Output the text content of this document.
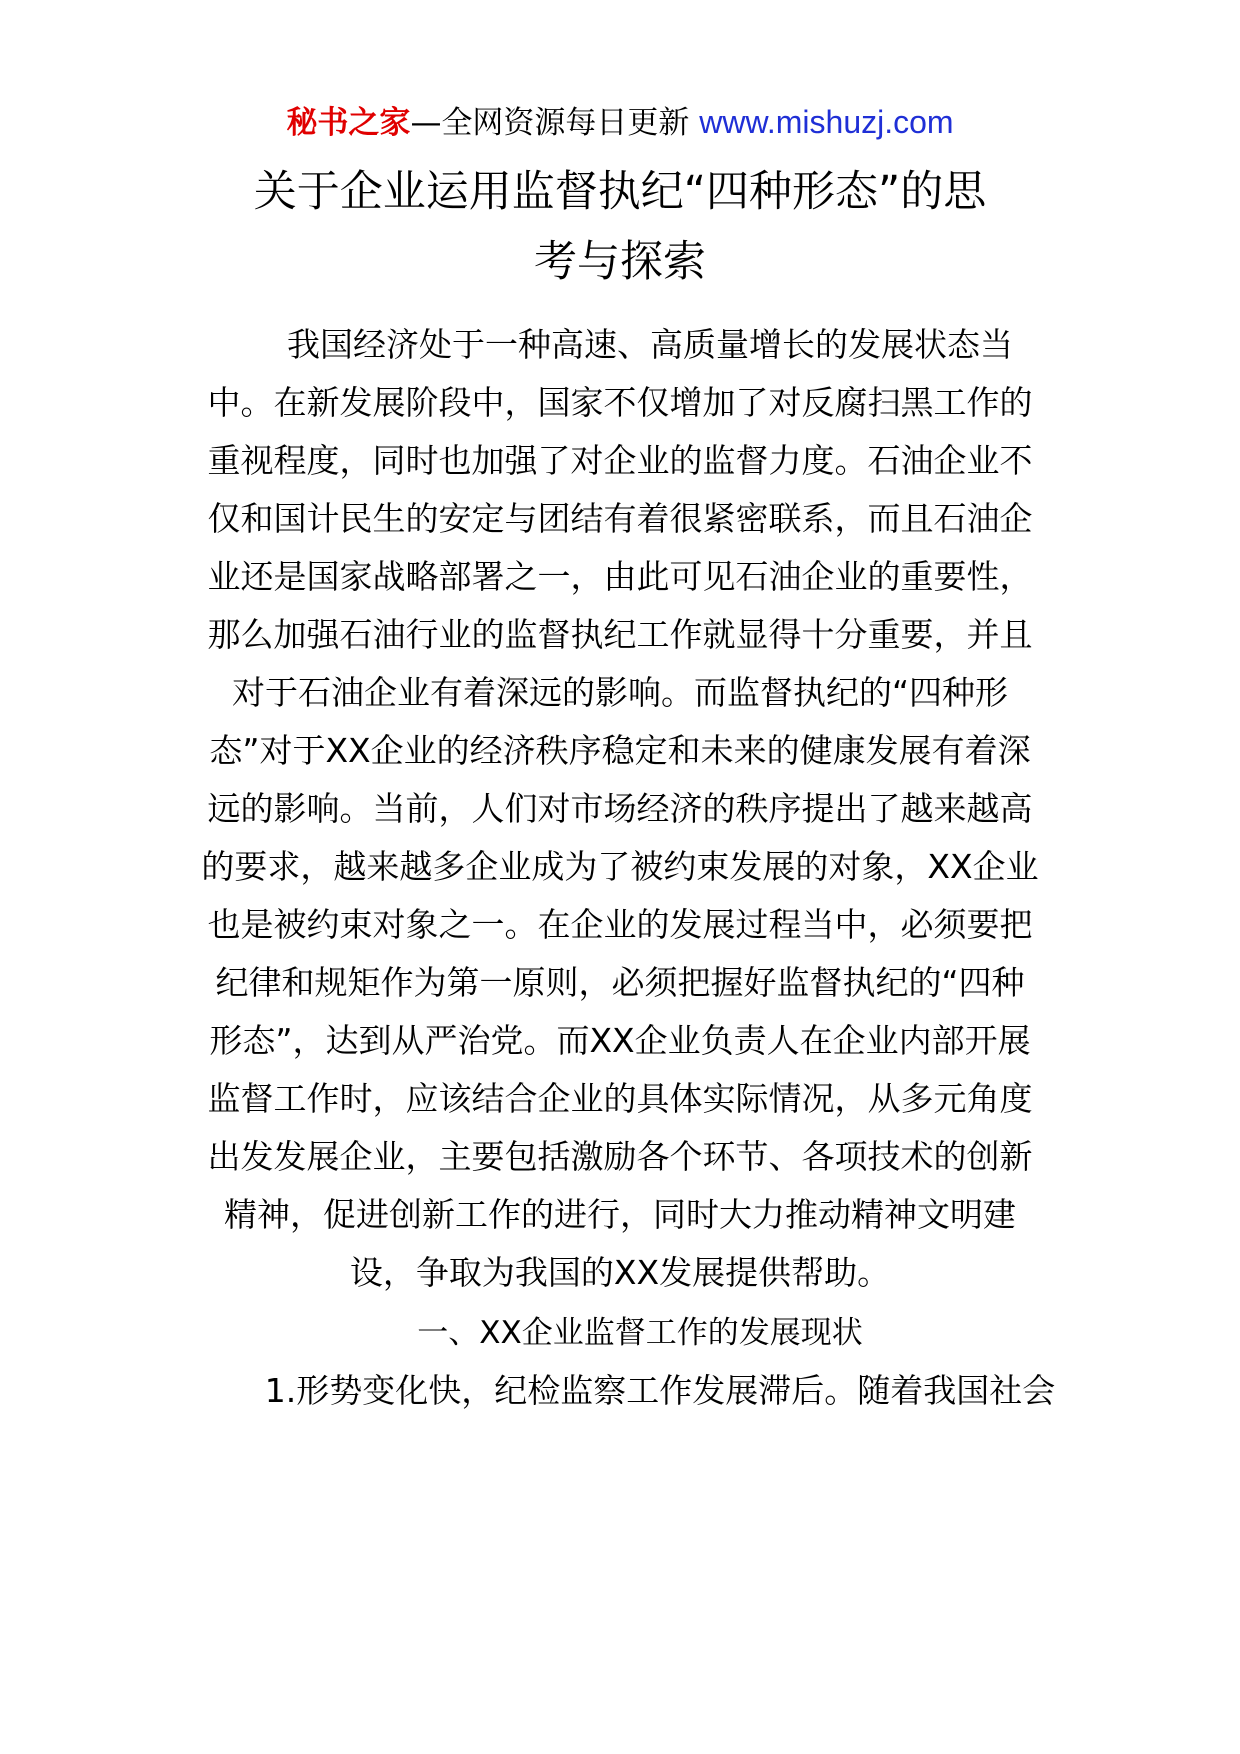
秘书之家—全网资源每日更新 www.mishuzj.com
关于企业运用监督执纪“四种形态”的思
考与探索
我国经济处于一种高速、高质量增长的发展状态当
中。在新发展阶段中，国家不仅增加了对反腐扫黑工作的
重视程度，同时也加强了对企业的监督力度。石油企业不
仅和国计民生的安定与团结有着很紧密联系，而且石油企
业还是国家战略部署之一，由此可见石油企业的重要性，
那么加强石油行业的监督执纪工作就显得十分重要，并且
对于石油企业有着深远的影响。而监督执纪的“四种形
态”对于XX企业的经济秩序稳定和未来的健康发展有着深
远的影响。当前，人们对市场经济的秩序提出了越来越高
的要求，越来越多企业成为了被约束发展的对象，XX企业
也是被约束对象之一。在企业的发展过程当中，必须要把
纪律和规矩作为第一原则，必须把握好监督执纪的“四种
形态”，达到从严治党。而XX企业负责人在企业内部开展
监督工作时，应该结合企业的具体实际情况，从多元角度
出发发展企业，主要包括激励各个环节、各项技术的创新
精神，促进创新工作的进行，同时大力推动精神文明建
设，争取为我国的XX发展提供帮助。
一、XX企业监督工作的发展现状
1.形势变化快，纪检监察工作发展滞后。随着我国社会
